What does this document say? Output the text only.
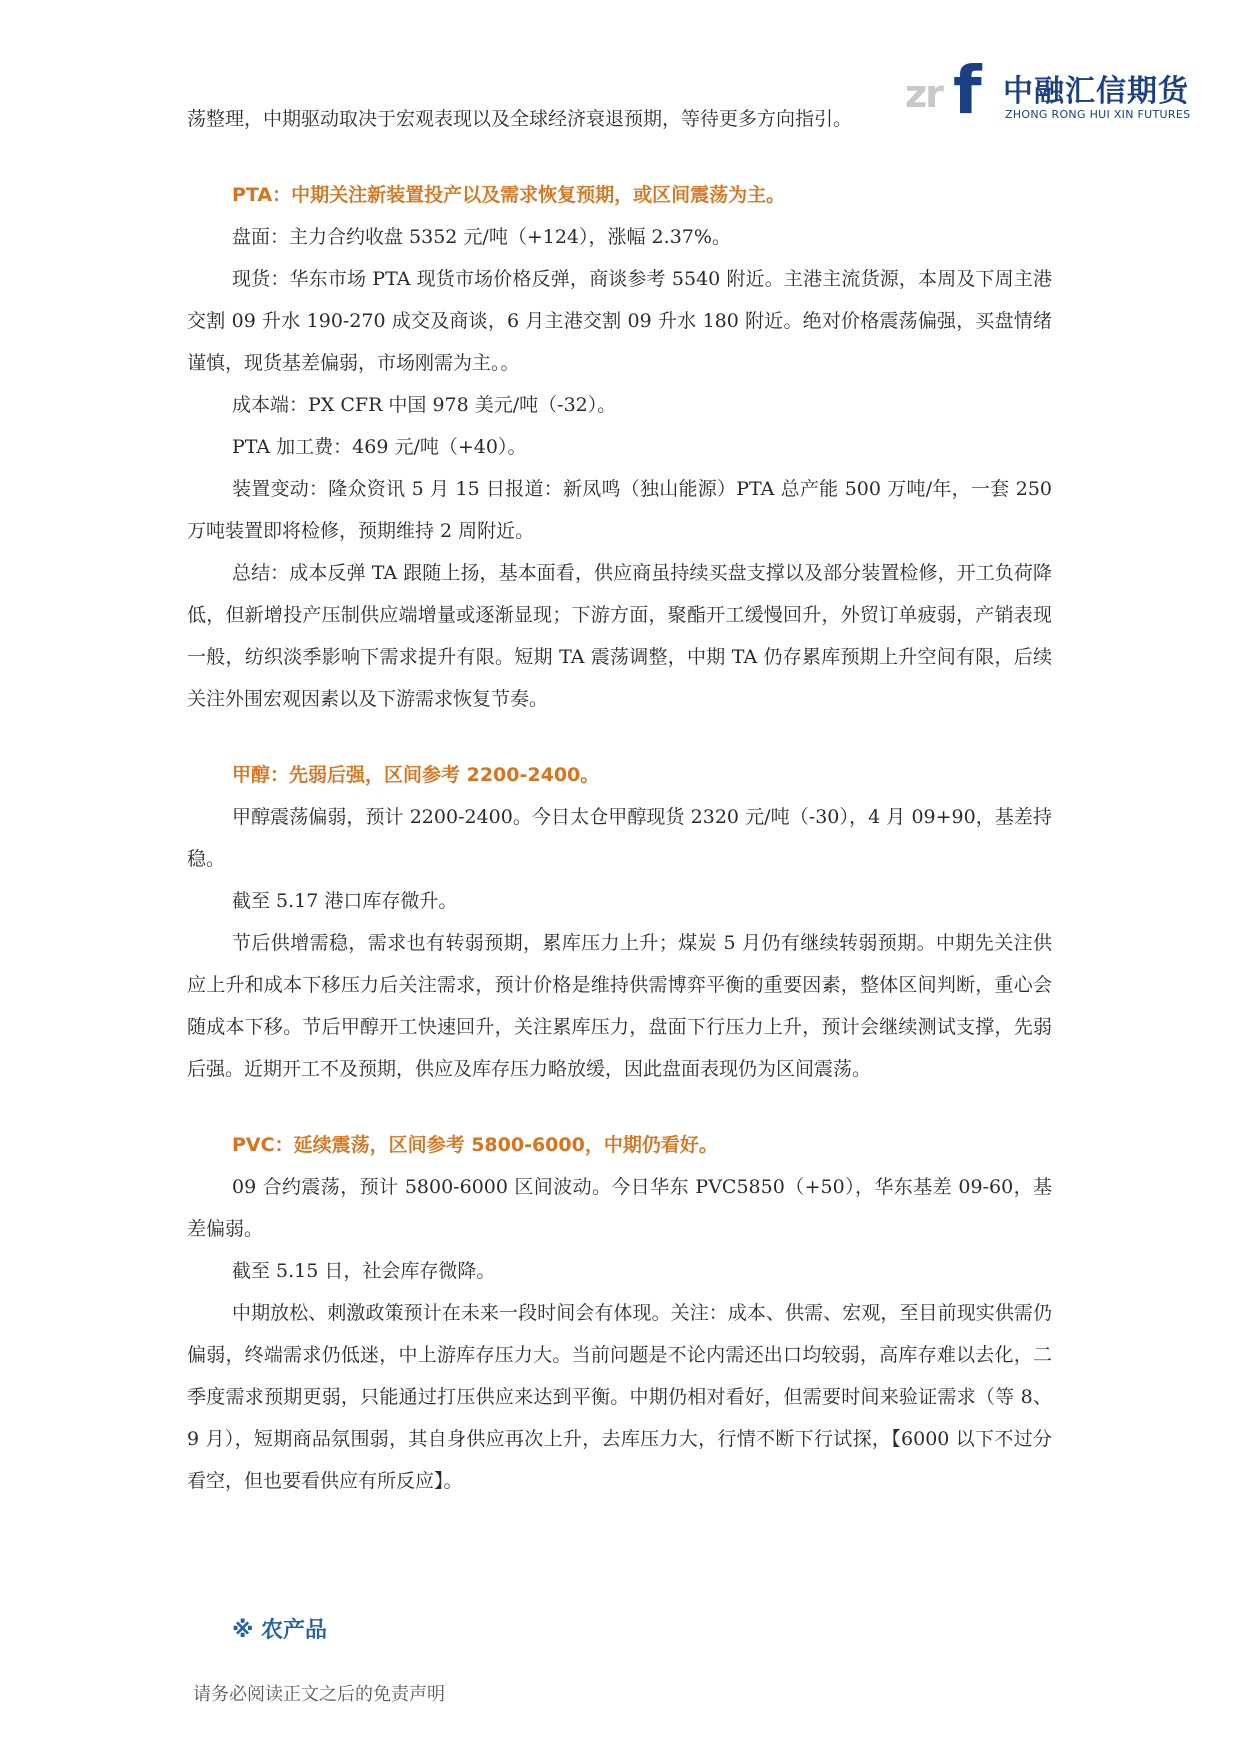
zr f 中融汇信期货
ZHONG RONG HUI XIN FUTURES

荡整理，中期驱动取决于宏观表现以及全球经济衰退预期，等待更多方向指引。

PTA：中期关注新装置投产以及需求恢复预期，或区间震荡为主。

盘面：主力合约收盘 5352 元/吨（+124），涨幅 2.37%。

现货：华东市场 PTA 现货市场价格反弹，商谈参考 5540 附近。主港主流货源，本周及下周主港交割 09 升水 190-270 成交及商谈，6 月主港交割 09 升水 180 附近。绝对价格震荡偏强，买盘情绪谨慎，现货基差偏弱，市场刚需为主。。

成本端：PX CFR 中国 978 美元/吨（-32）。

PTA 加工费：469 元/吨（+40）。

装置变动：隆众资讯 5 月 15 日报道：新凤鸣（独山能源）PTA 总产能 500 万吨/年，一套 250 万吨装置即将检修，预期维持 2 周附近。

总结：成本反弹 TA 跟随上扬，基本面看，供应商虽持续买盘支撑以及部分装置检修，开工负荷降低，但新增投产压制供应端增量或逐渐显现；下游方面，聚酯开工缓慢回升，外贸订单疲弱，产销表现一般，纺织淡季影响下需求提升有限。短期 TA 震荡调整，中期 TA 仍存累库预期上升空间有限，后续关注外围宏观因素以及下游需求恢复节奏。

甲醇：先弱后强，区间参考 2200-2400。

甲醇震荡偏弱，预计 2200-2400。今日太仓甲醇现货 2320 元/吨（-30），4 月 09+90，基差持稳。

截至 5.17 港口库存微升。

节后供增需稳，需求也有转弱预期，累库压力上升；煤炭 5 月仍有继续转弱预期。中期先关注供应上升和成本下移压力后关注需求，预计价格是维持供需博弈平衡的重要因素，整体区间判断，重心会随成本下移。节后甲醇开工快速回升，关注累库压力，盘面下行压力上升，预计会继续测试支撑，先弱后强。近期开工不及预期，供应及库存压力略放缓，因此盘面表现仍为区间震荡。

PVC：延续震荡，区间参考 5800-6000，中期仍看好。

09 合约震荡，预计 5800-6000 区间波动。今日华东 PVC5850（+50），华东基差 09-60，基差偏弱。

截至 5.15 日，社会库存微降。

中期放松、刺激政策预计在未来一段时间会有体现。关注：成本、供需、宏观，至目前现实供需仍偏弱，终端需求仍低迷，中上游库存压力大。当前问题是不论内需还出口均较弱，高库存难以去化，二季度需求预期更弱，只能通过打压供应来达到平衡。中期仍相对看好，但需要时间来验证需求（等 8、9 月），短期商品氛围弱，其自身供应再次上升，去库压力大，行情不断下行试探，【6000 以下不过分看空，但也要看供应有所反应】。

※ 农产品
请务必阅读正文之后的免责声明
